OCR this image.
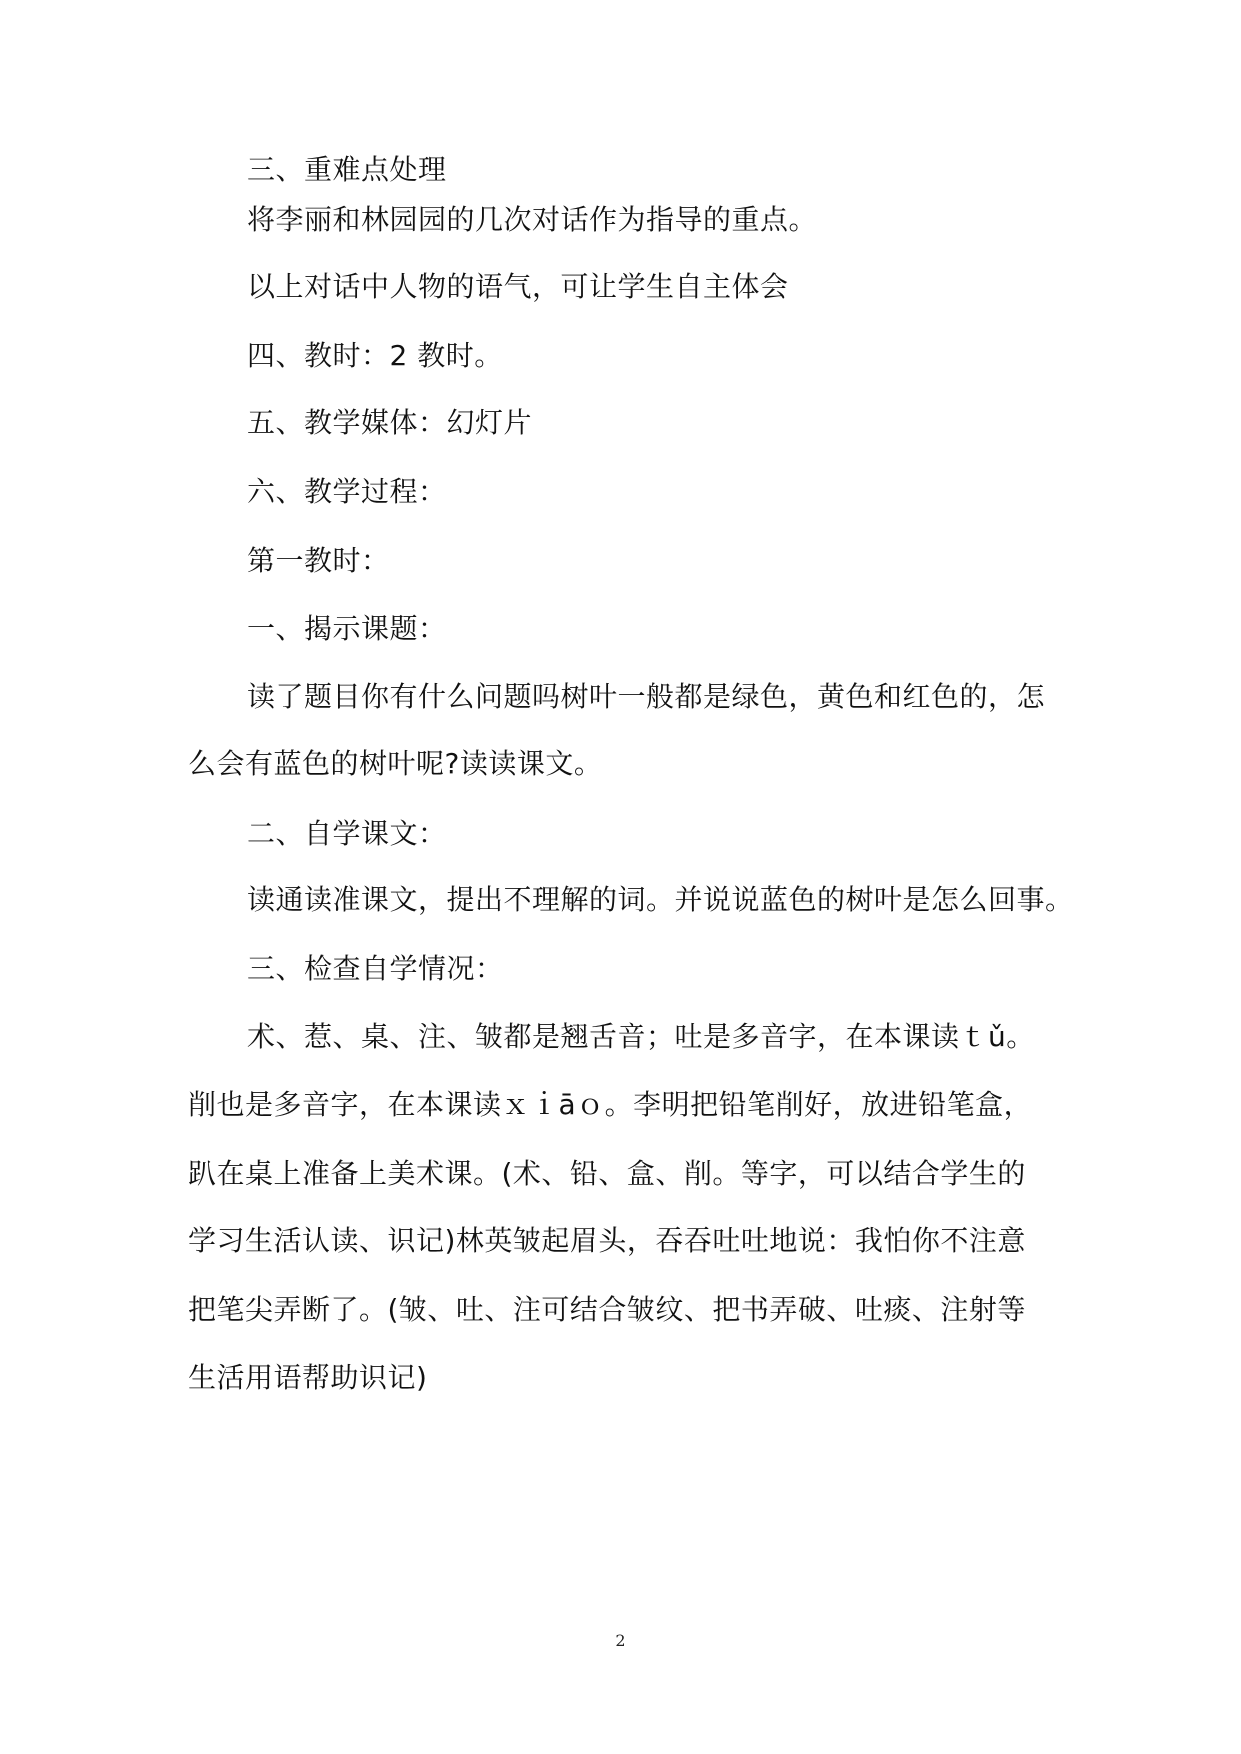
三、重难点处理
将李丽和林园园的几次对话作为指导的重点。
以上对话中人物的语气，可让学生自主体会
四、教时：2 教时。
五、教学媒体：幻灯片
六、教学过程：
第一教时：
一、揭示课题：
读了题目你有什么问题吗树叶一般都是绿色，黄色和红色的，怎
么会有蓝色的树叶呢?读读课文。
二、自学课文：
读通读准课文，提出不理解的词。并说说蓝色的树叶是怎么回事。
三、检查自学情况：
术、惹、桌、注、皱都是翘舌音；吐是多音字，在本课读ｔǔ。
削也是多音字，在本课读ｘｉāｏ。李明把铅笔削好，放进铅笔盒，
趴在桌上准备上美术课。(术、铅、盒、削。等字，可以结合学生的
学习生活认读、识记)林英皱起眉头，吞吞吐吐地说：我怕你不注意
把笔尖弄断了。(皱、吐、注可结合皱纹、把书弄破、吐痰、注射等
生活用语帮助识记)
2
